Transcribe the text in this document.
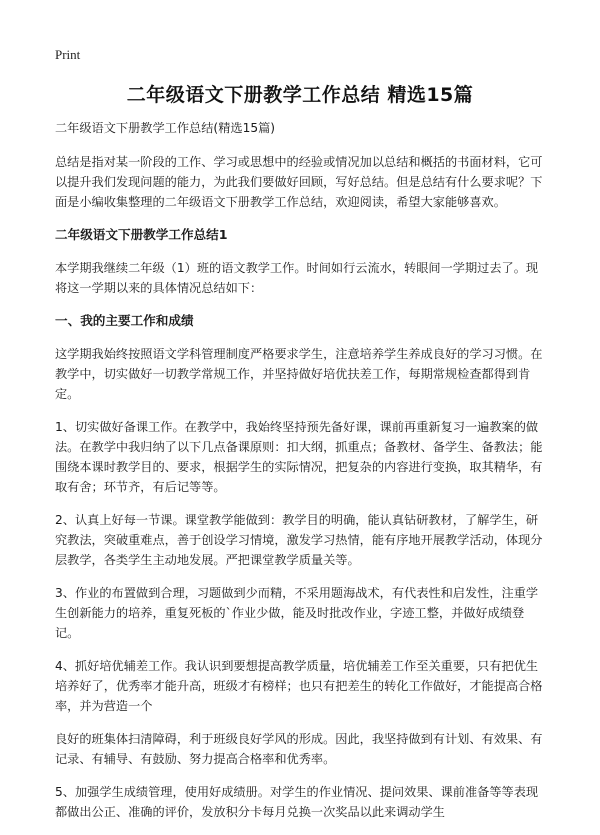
Print
二年级语文下册教学工作总结 精选15篇

二年级语文下册教学工作总结(精选15篇)

总结是指对某一阶段的工作、学习或思想中的经验或情况加以总结和概括的书面材料，它可以提升我们发现问题的能力，为此我们要做好回顾，写好总结。但是总结有什么要求呢？下面是小编收集整理的二年级语文下册教学工作总结，欢迎阅读，希望大家能够喜欢。

二年级语文下册教学工作总结1

本学期我继续二年级（1）班的语文教学工作。时间如行云流水，转眼间一学期过去了。现将这一学期以来的具体情况总结如下：

一、我的主要工作和成绩

这学期我始终按照语文学科管理制度严格要求学生，注意培养学生养成良好的学习习惯。在教学中，切实做好一切教学常规工作，并坚持做好培优扶差工作，每期常规检查都得到肯定。

1、切实做好备课工作。在教学中，我始终坚持预先备好课，课前再重新复习一遍教案的做法。在教学中我归纳了以下几点备课原则：扣大纲，抓重点；备教材、备学生、备教法；能围绕本课时教学目的、要求，根据学生的实际情况，把复杂的内容进行变换，取其精华，有取有舍；环节齐，有后记等等。

2、认真上好每一节课。课堂教学能做到：教学目的明确，能认真钻研教材，了解学生，研究教法，突破重难点，善于创设学习情境，激发学习热情，能有序地开展教学活动，体现分层教学，各类学生主动地发展。严把课堂教学质量关等。

3、作业的布置做到合理，习题做到少而精，不采用题海战术，有代表性和启发性，注重学生创新能力的培养，重复死板的`作业少做，能及时批改作业，字迹工整，并做好成绩登记。

4、抓好培优辅差工作。我认识到要想提高教学质量，培优辅差工作至关重要，只有把优生培养好了，优秀率才能升高，班级才有榜样；也只有把差生的转化工作做好，才能提高合格率，并为营造一个

良好的班集体扫清障碍，利于班级良好学风的形成。因此，我坚持做到有计划、有效果、有记录、有辅导、有鼓励、努力提高合格率和优秀率。

5、加强学生成绩管理，使用好成绩册。对学生的作业情况、提问效果、课前准备等等表现都做出公正、准确的评价，发放积分卡每月兑换一次奖品以此来调动学生
